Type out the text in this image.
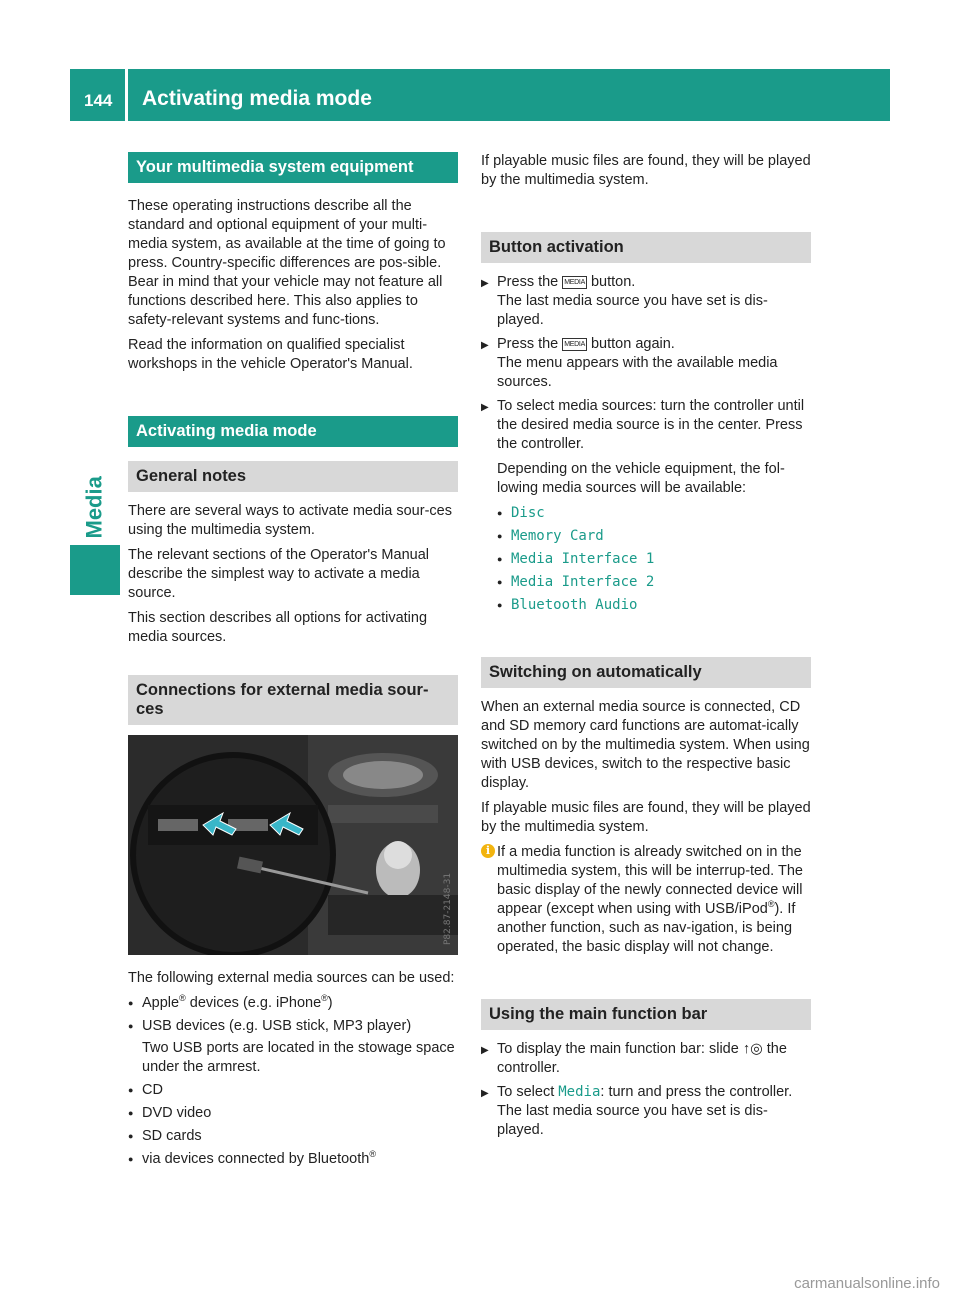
144 Activating media mode
Media
Your multimedia system equipment

These operating instructions describe all the standard and optional equipment of your multi-media system, as available at the time of going to press. Country-specific differences are pos-sible. Bear in mind that your vehicle may not feature all functions described here. This also applies to safety-relevant systems and func-tions.

Read the information on qualified specialist workshops in the vehicle Operator's Manual.

Activating media mode
General notes

There are several ways to activate media sour-ces using the multimedia system.

The relevant sections of the Operator's Manual describe the simplest way to activate a media source.

This section describes all options for activating media sources.

Connections for external media sour-ces
P82.87-2148-31

The following external media sources can be used:

● Apple® devices (e.g. iPhone®)
● USB devices (e.g. USB stick, MP3 player)
Two USB ports are located in the stowage space under the armrest.
● CD
● DVD video
● SD cards
● via devices connected by Bluetooth®

If playable music files are found, they will be played by the multimedia system.

Button activation
▶ Press the MEDIA button.
The last media source you have set is dis-played.
▶ Press the MEDIA button again.
The menu appears with the available media sources.
▶ To select media sources: turn the controller until the desired media source is in the center. Press the controller.
Depending on the vehicle equipment, the fol-lowing media sources will be available:
● Disc
● Memory Card
● Media Interface 1
● Media Interface 2
● Bluetooth Audio
Switching on automatically

When an external media source is connected, CD and SD memory card functions are automat-ically switched on by the multimedia system. When using with USB devices, switch to the respective basic display.

If playable music files are found, they will be played by the multimedia system.

i If a media function is already switched on in the multimedia system, this will be interrup-ted. The basic display of the newly connected device will appear (except when using with USB/iPod®). If another function, such as nav-igation, is being operated, the basic display will not change.

Using the main function bar
▶ To display the main function bar: slide ↑◎ the controller.
▶ To select Media: turn and press the controller.
The last media source you have set is dis-played.
carmanualsonline.info
